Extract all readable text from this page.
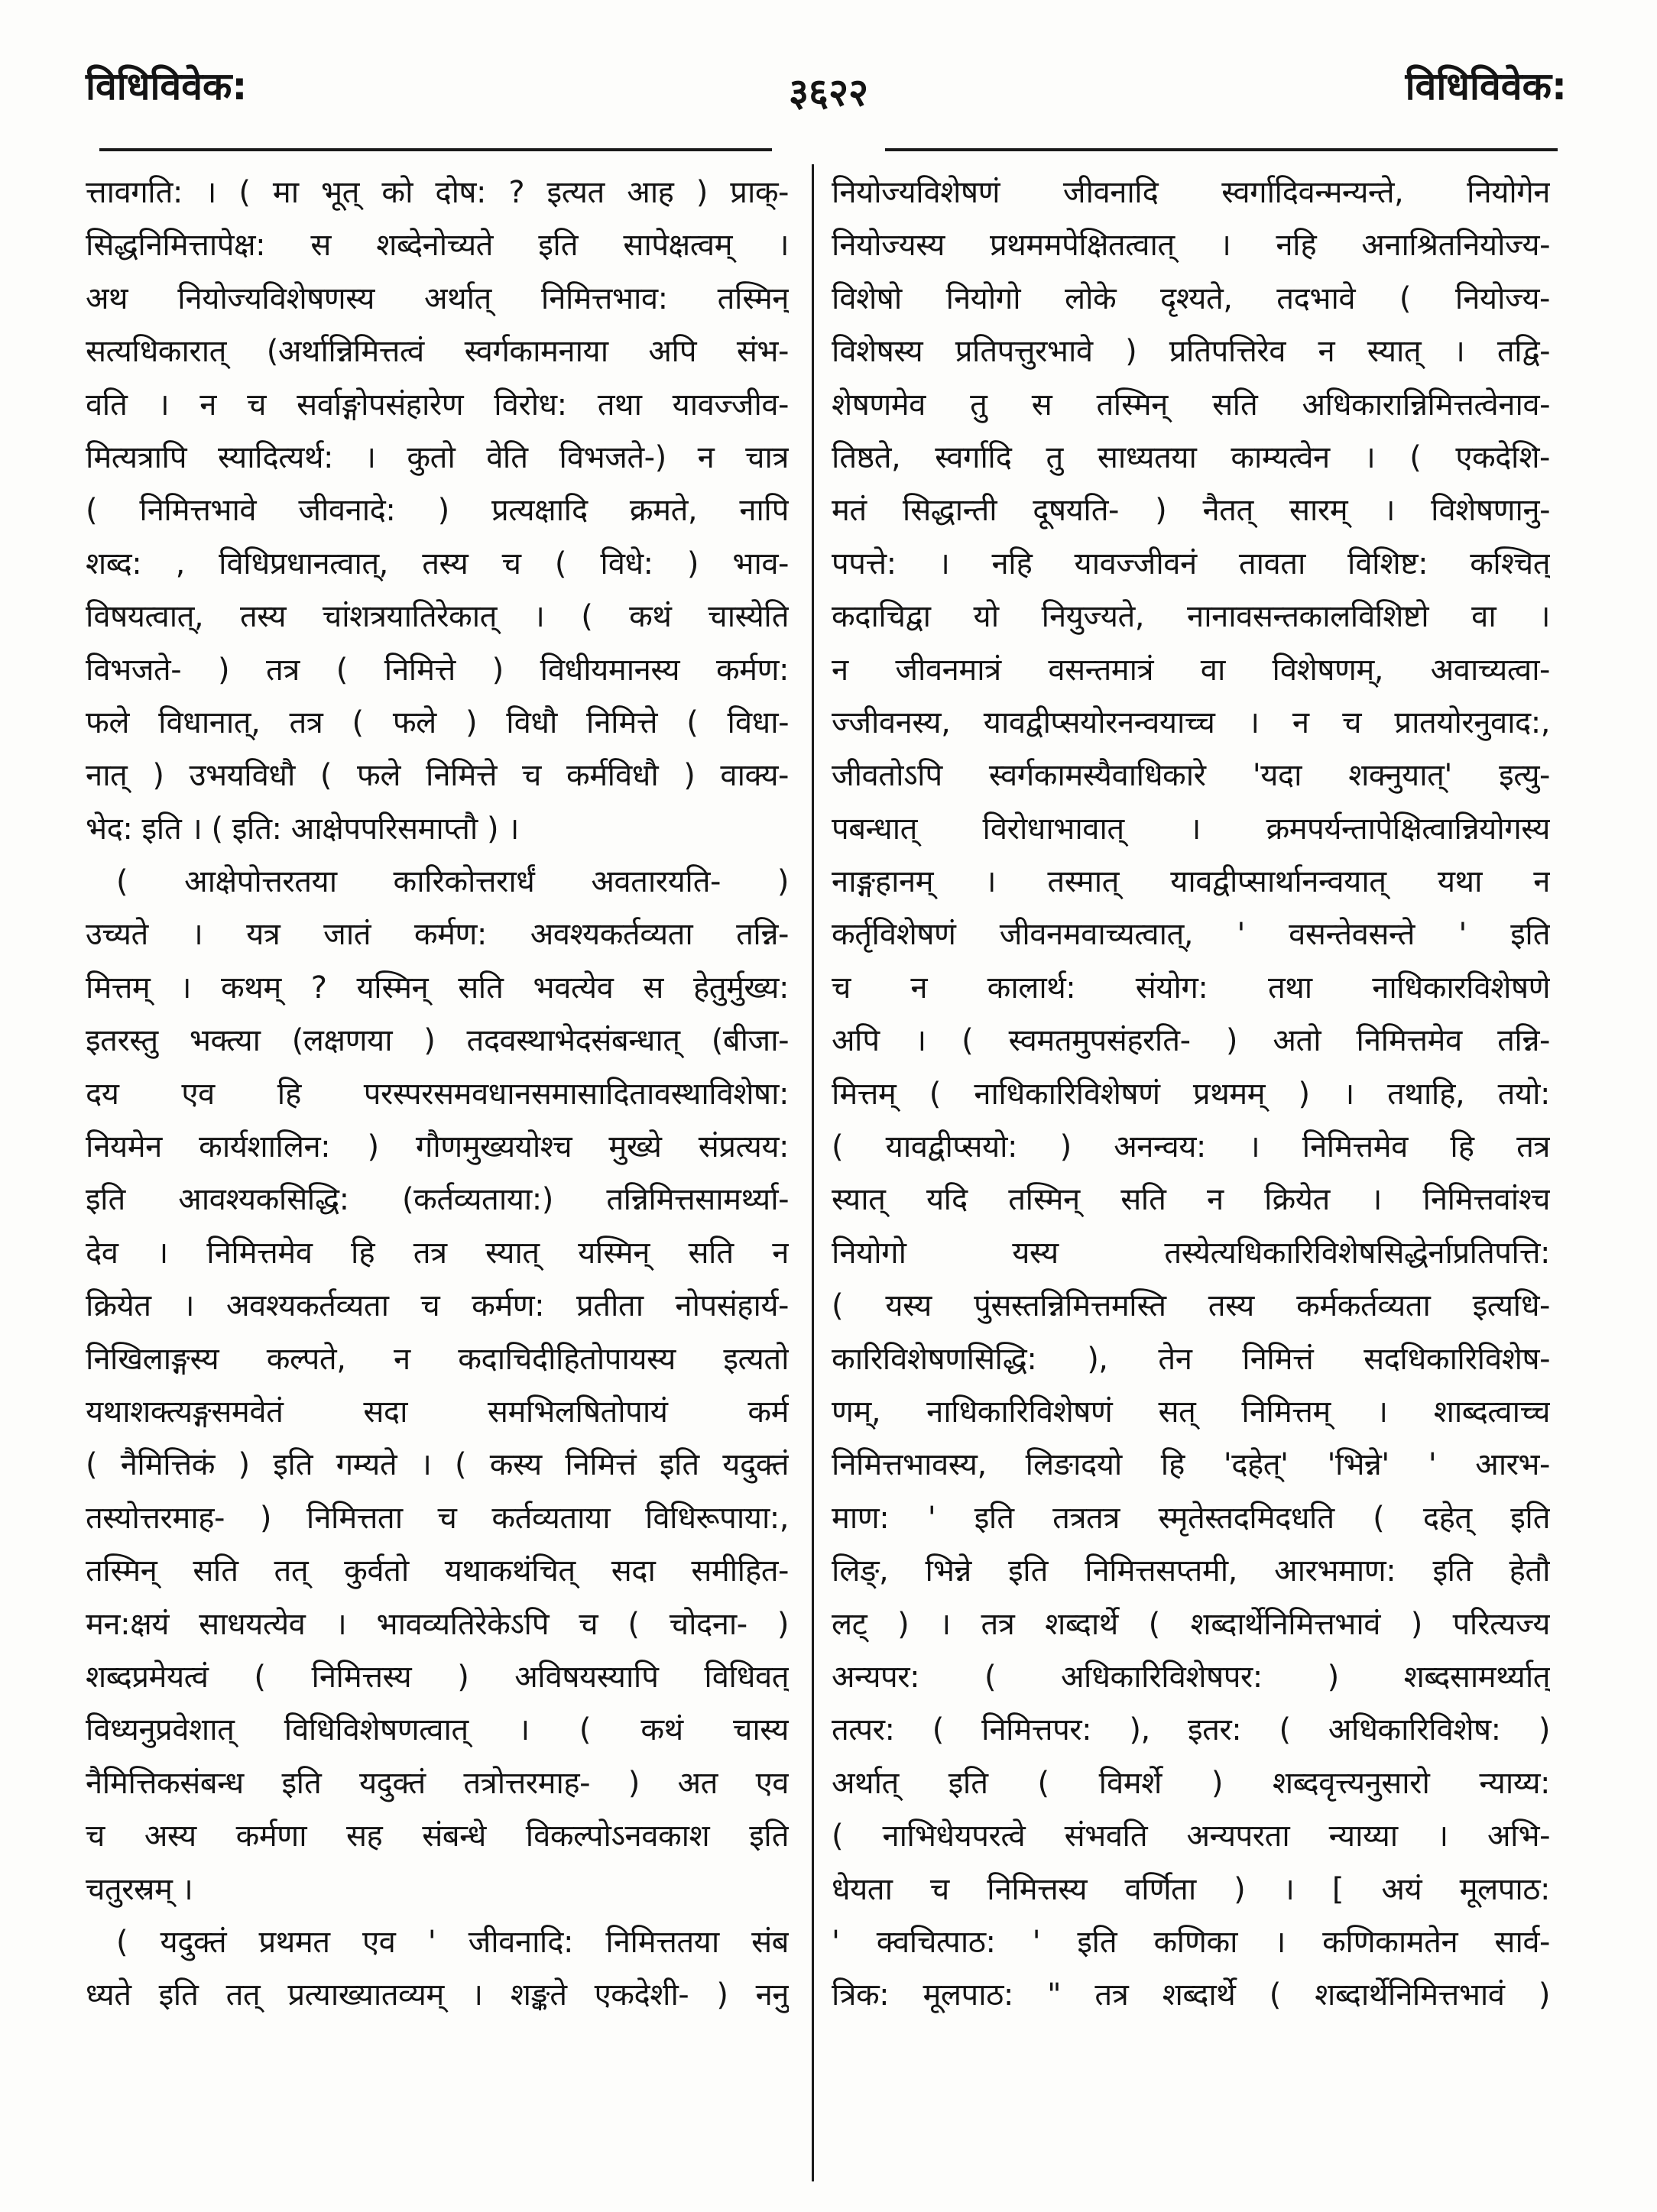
विधिविवेक:	३६२२	विधिविवेक:
त्तावगति: । ( मा भूत् को दोष: ? इत्यत आह ) प्राक्-
सिद्धनिमित्तापेक्ष: स शब्देनोच्यते इति सापेक्षत्वम् ।
अथ नियोज्यविशेषणस्य अर्थात् निमित्तभाव: तस्मिन्
सत्यधिकारात् (अर्थान्निमित्तत्वं स्वर्गकामनाया अपि संभ-
वति । न च सर्वाङ्गोपसंहारेण विरोध: तथा यावज्जीव-
मित्यत्रापि स्यादित्यर्थ: । कुतो वेति विभजते-) न चात्र
( निमित्तभावे जीवनादे: ) प्रत्यक्षादि क्रमते, नापि
शब्द: , विधिप्रधानत्वात्, तस्य च ( विधे: ) भाव-
विषयत्वात्, तस्य चांशत्रयातिरेकात् । ( कथं चास्येति
विभजते- ) तत्र ( निमित्ते ) विधीयमानस्य कर्मण:
फले विधानात्, तत्र ( फले ) विधौ निमित्ते ( विधा-
नात् ) उभयविधौ ( फले निमित्ते च कर्मविधौ ) वाक्य-
भेद: इति । ( इति: आक्षेपपरिसमाप्तौ ) ।
( आक्षेपोत्तरतया कारिकोत्तरार्धं अवतारयति- )
उच्यते । यत्र जातं कर्मण: अवश्यकर्तव्यता तन्नि-
मित्तम् । कथम् ? यस्मिन् सति भवत्येव स हेतुर्मुख्य:
इतरस्तु भक्त्या (लक्षणया ) तदवस्थाभेदसंबन्धात् (बीजा-
दय एव हि परस्परसमवधानसमासादितावस्थाविशेषा:
नियमेन कार्यशालिन: ) गौणमुख्ययोश्च मुख्ये संप्रत्यय:
इति आवश्यकसिद्धि: (कर्तव्यताया:) तन्निमित्तसामर्थ्या-
देव । निमित्तमेव हि तत्र स्यात् यस्मिन् सति न
क्रियेत । अवश्यकर्तव्यता च कर्मण: प्रतीता नोपसंहार्य-
निखिलाङ्गस्य कल्पते, न कदाचिदीहितोपायस्य इत्यतो
यथाशक्त्यङ्गसमवेतं सदा समभिलषितोपायं कर्म
( नैमित्तिकं ) इति गम्यते । ( कस्य निमित्तं इति यदुक्तं
तस्योत्तरमाह- ) निमित्तता च कर्तव्यताया विधिरूपाया:,
तस्मिन् सति तत् कुर्वतो यथाकथंचित् सदा समीहित-
मन:क्षयं साधयत्येव । भावव्यतिरेकेऽपि च ( चोदना- )
शब्दप्रमेयत्वं ( निमित्तस्य ) अविषयस्यापि विधिवत्
विध्यनुप्रवेशात् विधिविशेषणत्वात् । ( कथं चास्य
नैमित्तिकसंबन्ध इति यदुक्तं तत्रोत्तरमाह- ) अत एव
च अस्य कर्मणा सह संबन्धे विकल्पोऽनवकाश इति
चतुरस्रम् ।
( यदुक्तं प्रथमत एव ' जीवनादि: निमित्ततया संब
ध्यते इति तत् प्रत्याख्यातव्यम् । शङ्कते एकदेशी- ) ननु
नियोज्यविशेषणं जीवनादि स्वर्गादिवन्मन्यन्ते, नियोगेन
नियोज्यस्य प्रथममपेक्षितत्वात् । नहि अनाश्रितनियोज्य-
विशेषो नियोगो लोके दृश्यते, तदभावे ( नियोज्य-
विशेषस्य प्रतिपत्तुरभावे ) प्रतिपत्तिरेव न स्यात् । तद्वि-
शेषणमेव तु स तस्मिन् सति अधिकारान्निमित्तत्वेनाव-
तिष्ठते, स्वर्गादि तु साध्यतया काम्यत्वेन । ( एकदेशि-
मतं सिद्धान्ती दूषयति- ) नैतत् सारम् । विशेषणानु-
पपत्ते: । नहि यावज्जीवनं तावता विशिष्ट: कश्चित्
कदाचिद्वा यो नियुज्यते, नानावसन्तकालविशिष्टो वा ।
न जीवनमात्रं वसन्तमात्रं वा विशेषणम्, अवाच्यत्वा-
ज्जीवनस्य, यावद्वीप्सयोरनन्वयाच्च । न च प्रातयोरनुवाद:,
जीवतोऽपि स्वर्गकामस्यैवाधिकारे 'यदा शक्नुयात्' इत्यु-
पबन्धात् विरोधाभावात् । क्रमपर्यन्तापेक्षित्वान्नियोगस्य
नाङ्गहानम् । तस्मात् यावद्वीप्सार्थानन्वयात् यथा न
कर्तृविशेषणं जीवनमवाच्यत्वात्, ' वसन्तेवसन्ते ' इति
च न कालार्थ: संयोग: तथा नाधिकारविशेषणे
अपि । ( स्वमतमुपसंहरति- ) अतो निमित्तमेव तन्नि-
मित्तम् ( नाधिकारिविशेषणं प्रथमम् ) । तथाहि, तयो:
( यावद्वीप्सयो: ) अनन्वय: । निमित्तमेव हि तत्र
स्यात् यदि तस्मिन् सति न क्रियेत । निमित्तवांश्च
नियोगो यस्य तस्येत्यधिकारिविशेषसिद्धेर्नाप्रतिपत्ति:
( यस्य पुंसस्तन्निमित्तमस्ति तस्य कर्मकर्तव्यता इत्यधि-
कारिविशेषणसिद्धि: ), तेन निमित्तं सदधिकारिविशेष-
णम्, नाधिकारिविशेषणं सत् निमित्तम् । शाब्दत्वाच्च
निमित्तभावस्य, लिङादयो हि 'दहेत्' 'भिन्ने' ' आरभ-
माण: ' इति तत्रतत्र स्मृतेस्तदमिदधति ( दहेत् इति
लिङ्, भिन्ने इति निमित्तसप्तमी, आरभमाण: इति हेतौ
लट् ) । तत्र शब्दार्थे ( शब्दार्थेनिमित्तभावं ) परित्यज्य
अन्यपर: ( अधिकारिविशेषपर: ) शब्दसामर्थ्यात्
तत्पर: ( निमित्तपर: ), इतर: ( अधिकारिविशेष: )
अर्थात् इति ( विमर्शे ) शब्दवृत्त्यनुसारो न्याय्य:
( नाभिधेयपरत्वे संभवति अन्यपरता न्याय्या । अभि-
धेयता च निमित्तस्य वर्णिता ) । [ अयं मूलपाठ:
' क्वचित्पाठ: ' इति कणिका । कणिकामतेन सार्व-
त्रिक: मूलपाठ: " तत्र शब्दार्थे ( शब्दार्थेनिमित्तभावं )
